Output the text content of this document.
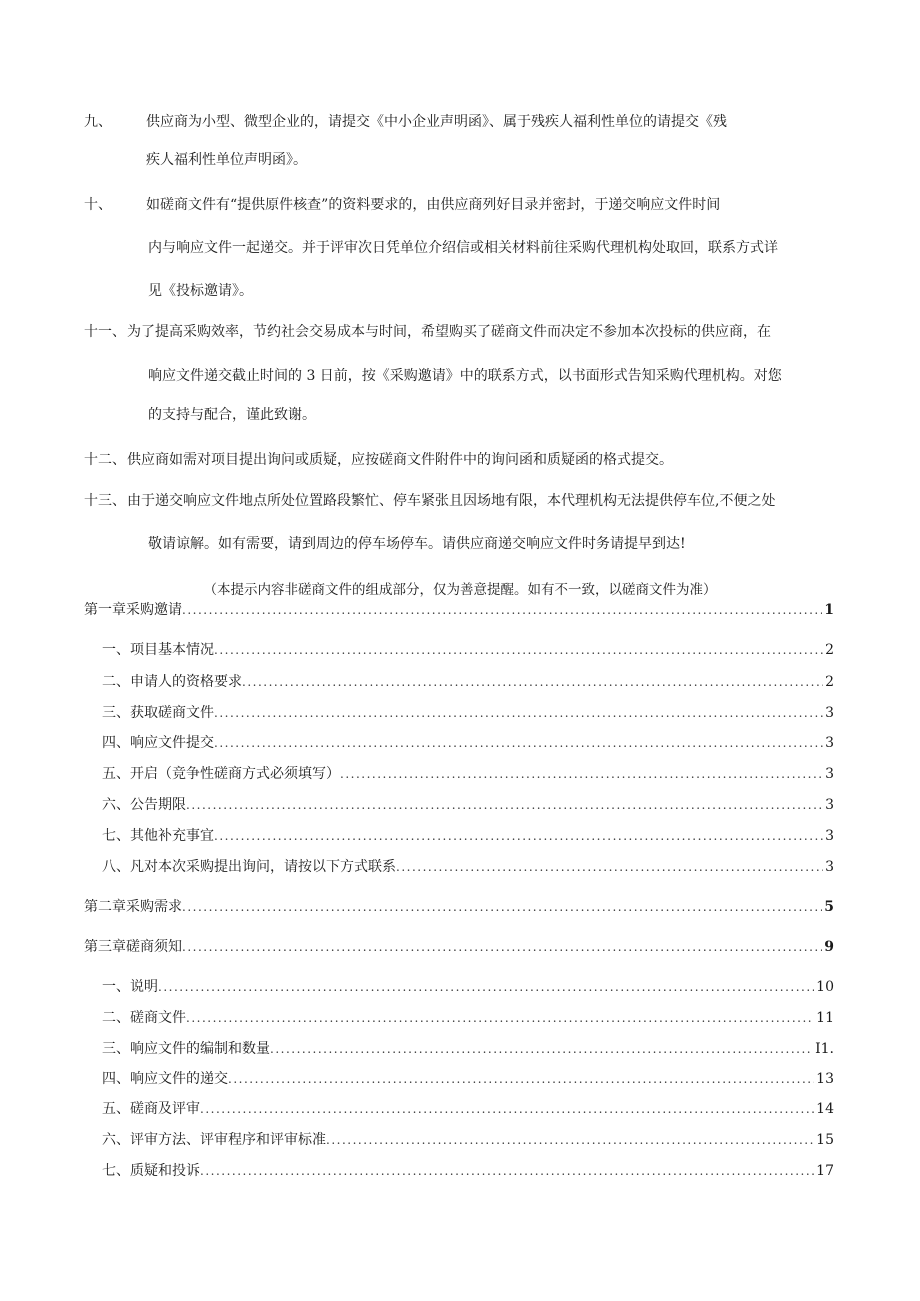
九、 供应商为小型、微型企业的，请提交《中小企业声明函》、属于残疾人福利性单位的请提交《残
疾人福利性单位声明函》。
十、 如磋商文件有“提供原件核查”的资料要求的，由供应商列好目录并密封，于递交响应文件时间
内与响应文件一起递交。并于评审次日凭单位介绍信或相关材料前往采购代理机构处取回，联系方式详
见《投标邀请》。
十一、 为了提高采购效率，节约社会交易成本与时间，希望购买了磋商文件而决定不参加本次投标的供应商，在
响应文件递交截止时间的 3 日前，按《采购邀请》中的联系方式，以书面形式告知采购代理机构。对您
的支持与配合，谨此致谢。
十二、 供应商如需对项目提出询问或质疑，应按磋商文件附件中的询问函和质疑函的格式提交。
十三、 由于递交响应文件地点所处位置路段繁忙、停车紧张且因场地有限，本代理机构无法提供停车位,不便之处
敬请谅解。如有需要，请到周边的停车场停车。请供应商递交响应文件时务请提早到达!
（本提示内容非磋商文件的组成部分，仅为善意提醒。如有不一致，以磋商文件为准）
第一章采购邀请 .....	1
一、项目基本情况 .....	2
二、申请人的资格要求 .....	2
三、获取磋商文件 .....	3
四、响应文件提交 .....	3
五、开启（竞争性磋商方式必须填写） .....	3
六、公告期限 .....	3
七、其他补充事宜 .....	3
八、凡对本次采购提出询问，请按以下方式联系 .....	3
第二章采购需求 .....	5
第三章磋商须知 .....	9
一、说明 .....	10
二、磋商文件 .....	11
三、响应文件的编制和数量 .....	I1.
四、响应文件的递交 .....	13
五、磋商及评审 .....	14
六、评审方法、评审程序和评审标准 .....	15
七、质疑和投诉 .....	17
